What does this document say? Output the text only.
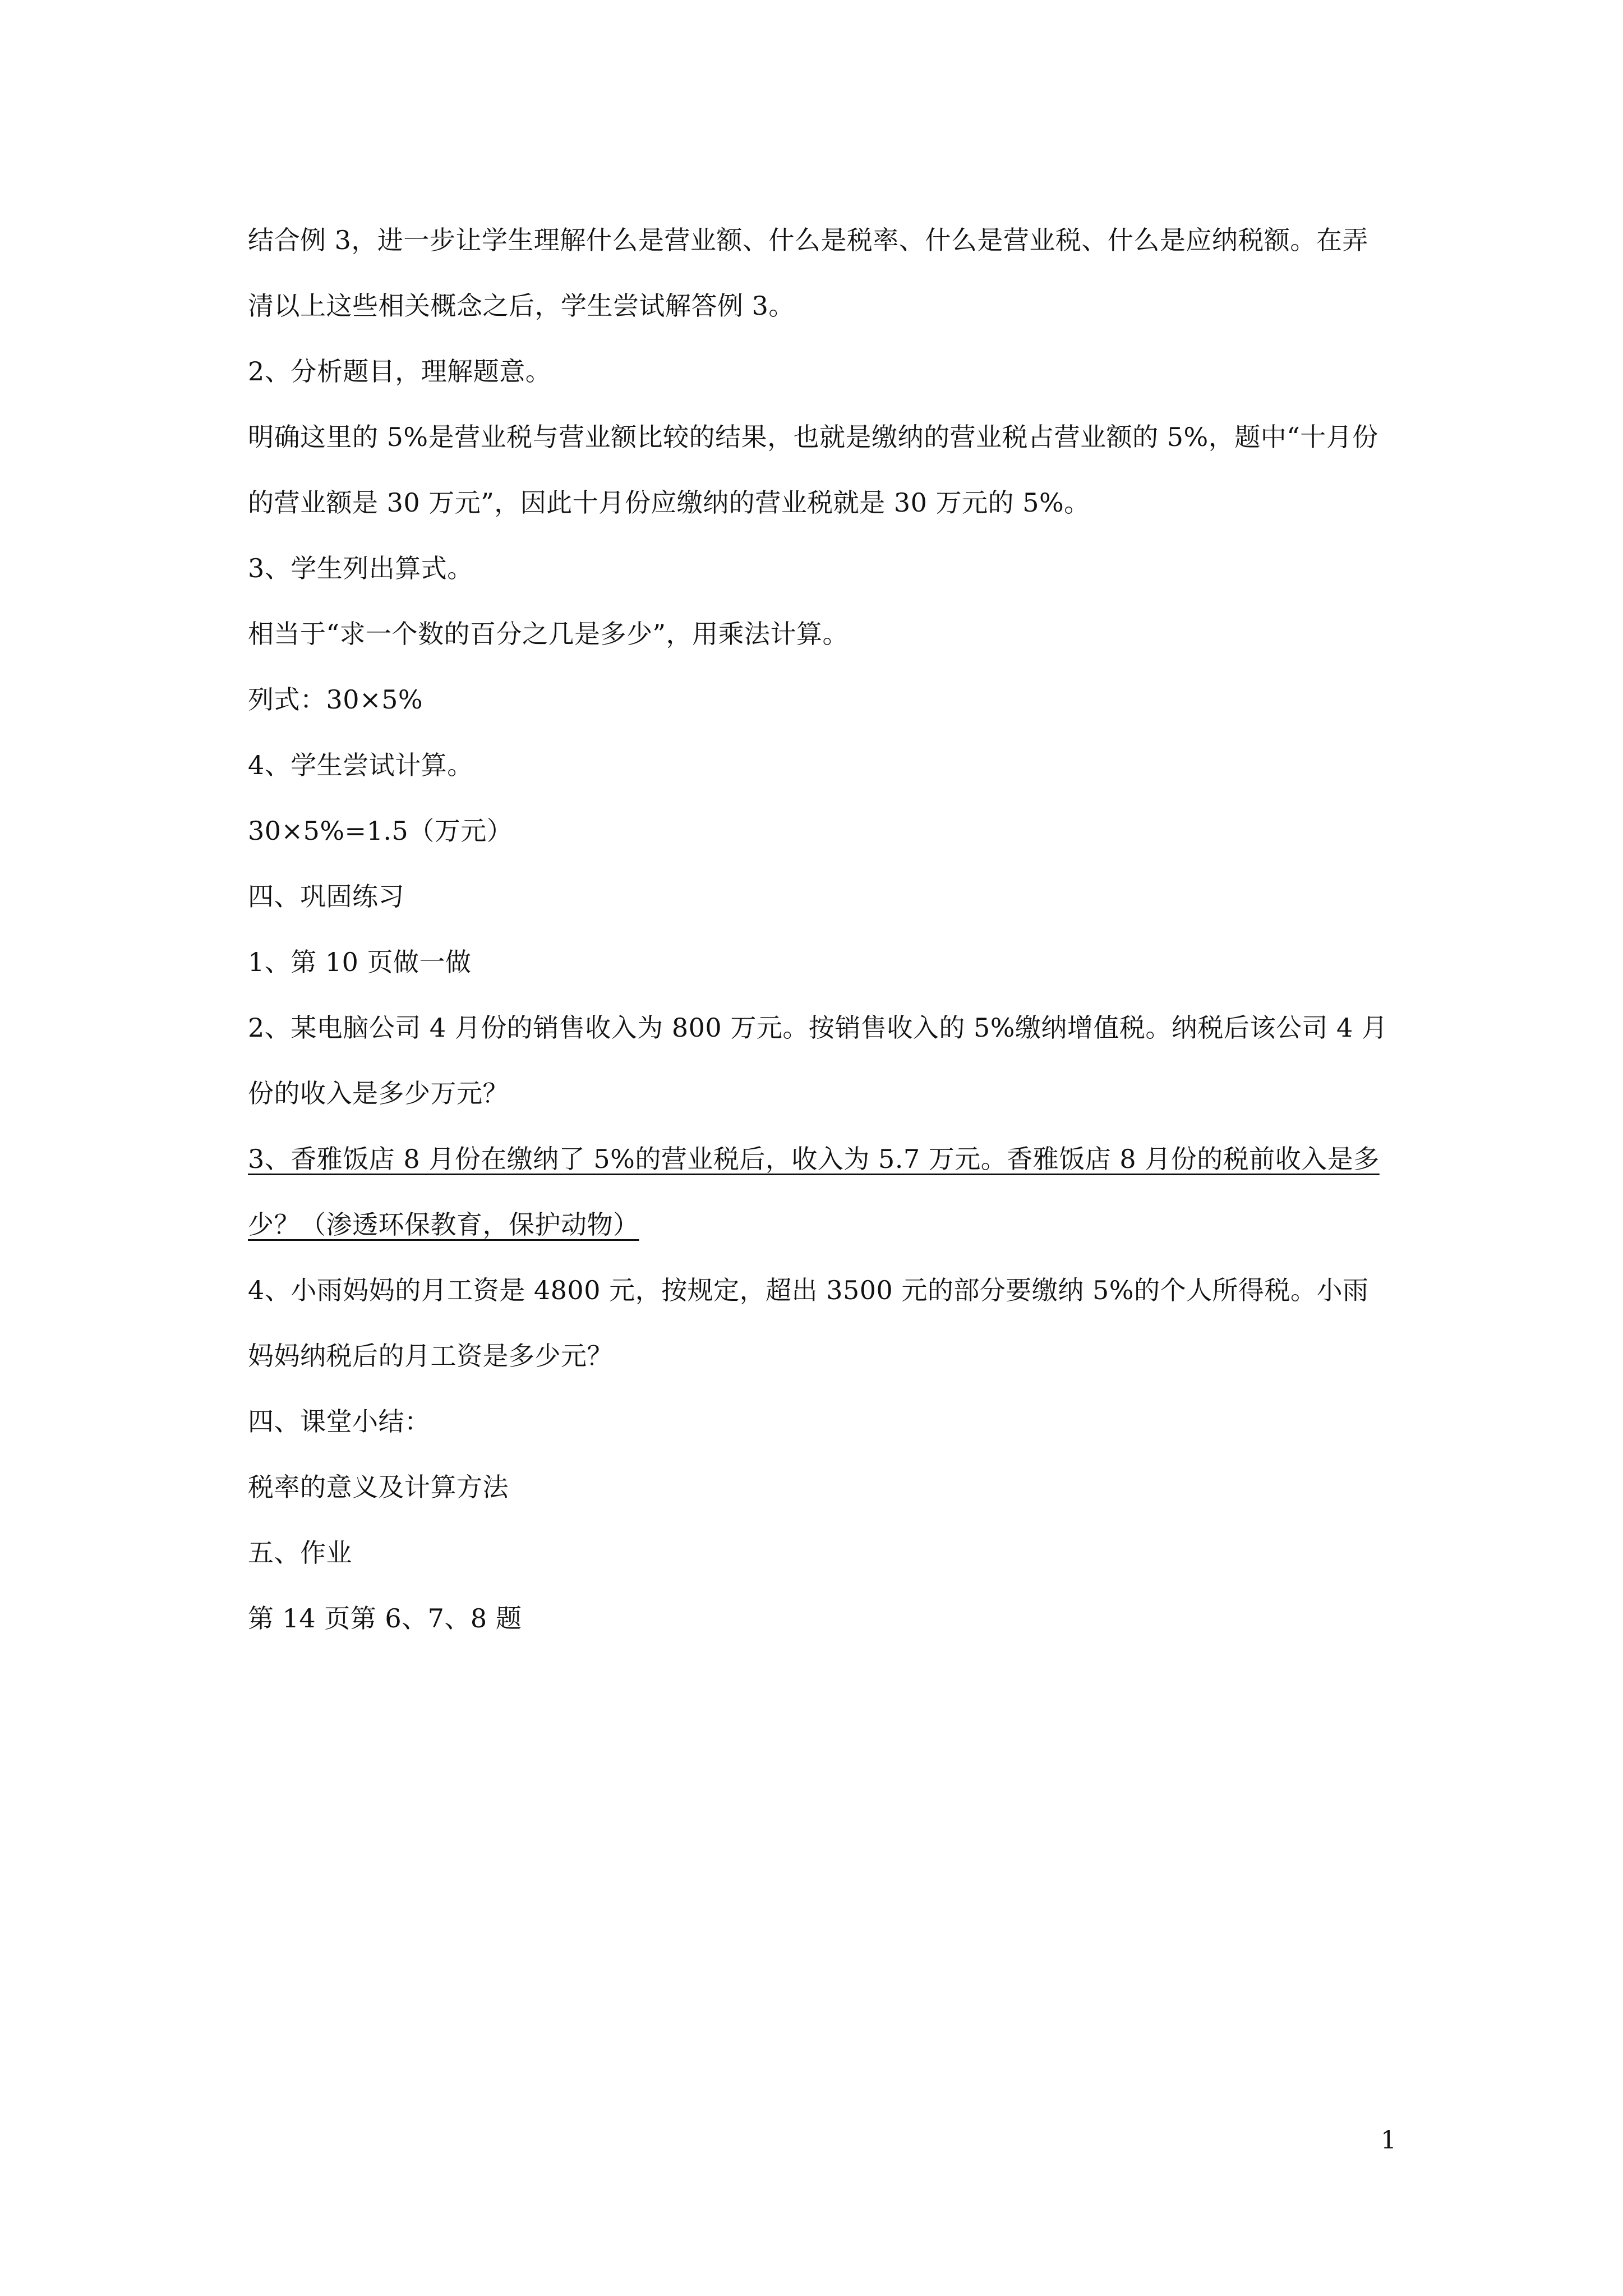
结合例 3，进一步让学生理解什么是营业额、什么是税率、什么是营业税、什么是应纳税额。在弄清以上这些相关概念之后，学生尝试解答例 3。

2、分析题目，理解题意。

明确这里的 5%是营业税与营业额比较的结果，也就是缴纳的营业税占营业额的 5%，题中“十月份的营业额是 30 万元”，因此十月份应缴纳的营业税就是 30 万元的 5%。

3、学生列出算式。

相当于“求一个数的百分之几是多少”，用乘法计算。

列式：30×5%

4、学生尝试计算。

30×5%=1.5（万元）

四、巩固练习

1、第 10 页做一做

2、某电脑公司 4 月份的销售收入为 800 万元。按销售收入的 5%缴纳增值税。纳税后该公司 4 月份的收入是多少万元？

3、香雅饭店 8 月份在缴纳了 5%的营业税后，收入为 5.7 万元。香雅饭店 8 月份的税前收入是多少？（渗透环保教育，保护动物）

4、小雨妈妈的月工资是 4800 元，按规定，超出 3500 元的部分要缴纳 5%的个人所得税。小雨妈妈纳税后的月工资是多少元？

四、课堂小结：

税率的意义及计算方法

五、作业

第 14 页第 6、7、8 题

1
